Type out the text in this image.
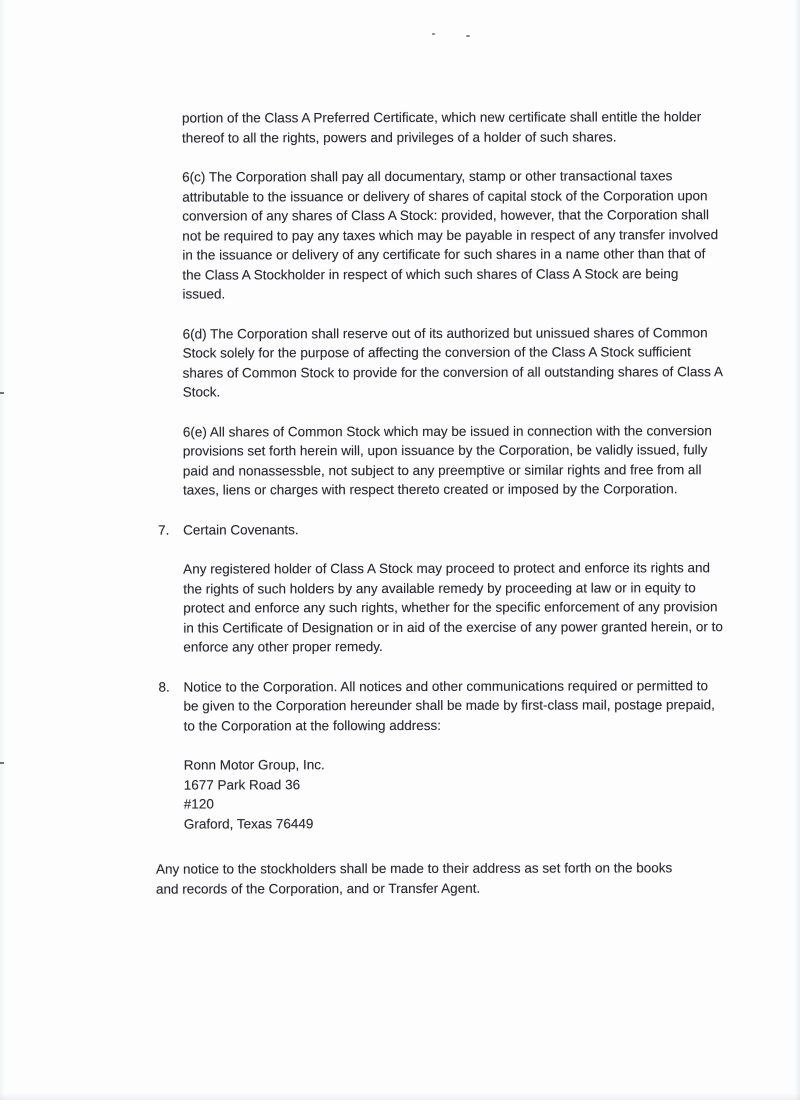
portion of the Class A Preferred Certificate, which new certificate shall entitle the holder thereof to all the rights, powers and privileges of a holder of such shares.

6(c) The Corporation shall pay all documentary, stamp or other transactional taxes attributable to the issuance or delivery of shares of capital stock of the Corporation upon conversion of any shares of Class A Stock: provided, however, that the Corporation shall not be required to pay any taxes which may be payable in respect of any transfer involved in the issuance or delivery of any certificate for such shares in a name other than that of the Class A Stockholder in respect of which such shares of Class A Stock are being issued.

6(d) The Corporation shall reserve out of its authorized but unissued shares of Common Stock solely for the purpose of affecting the conversion of the Class A Stock sufficient shares of Common Stock to provide for the conversion of all outstanding shares of Class A Stock.

6(e) All shares of Common Stock which may be issued in connection with the conversion provisions set forth herein will, upon issuance by the Corporation, be validly issued, fully paid and nonassessble, not subject to any preemptive or similar rights and free from all taxes, liens or charges with respect thereto created or imposed by the Corporation.

7.	Certain Covenants.

Any registered holder of Class A Stock may proceed to protect and enforce its rights and the rights of such holders by any available remedy by proceeding at law or in equity to protect and enforce any such rights, whether for the specific enforcement of any provision in this Certificate of Designation or in aid of the exercise of any power granted herein, or to enforce any other proper remedy.

8.	Notice to the Corporation. All notices and other communications required or permitted to be given to the Corporation hereunder shall be made by first-class mail, postage prepaid, to the Corporation at the following address:
Ronn Motor Group, Inc.
1677 Park Road 36
#120
Graford, Texas 76449

Any notice to the stockholders shall be made to their address as set forth on the books and records of the Corporation, and or Transfer Agent.
